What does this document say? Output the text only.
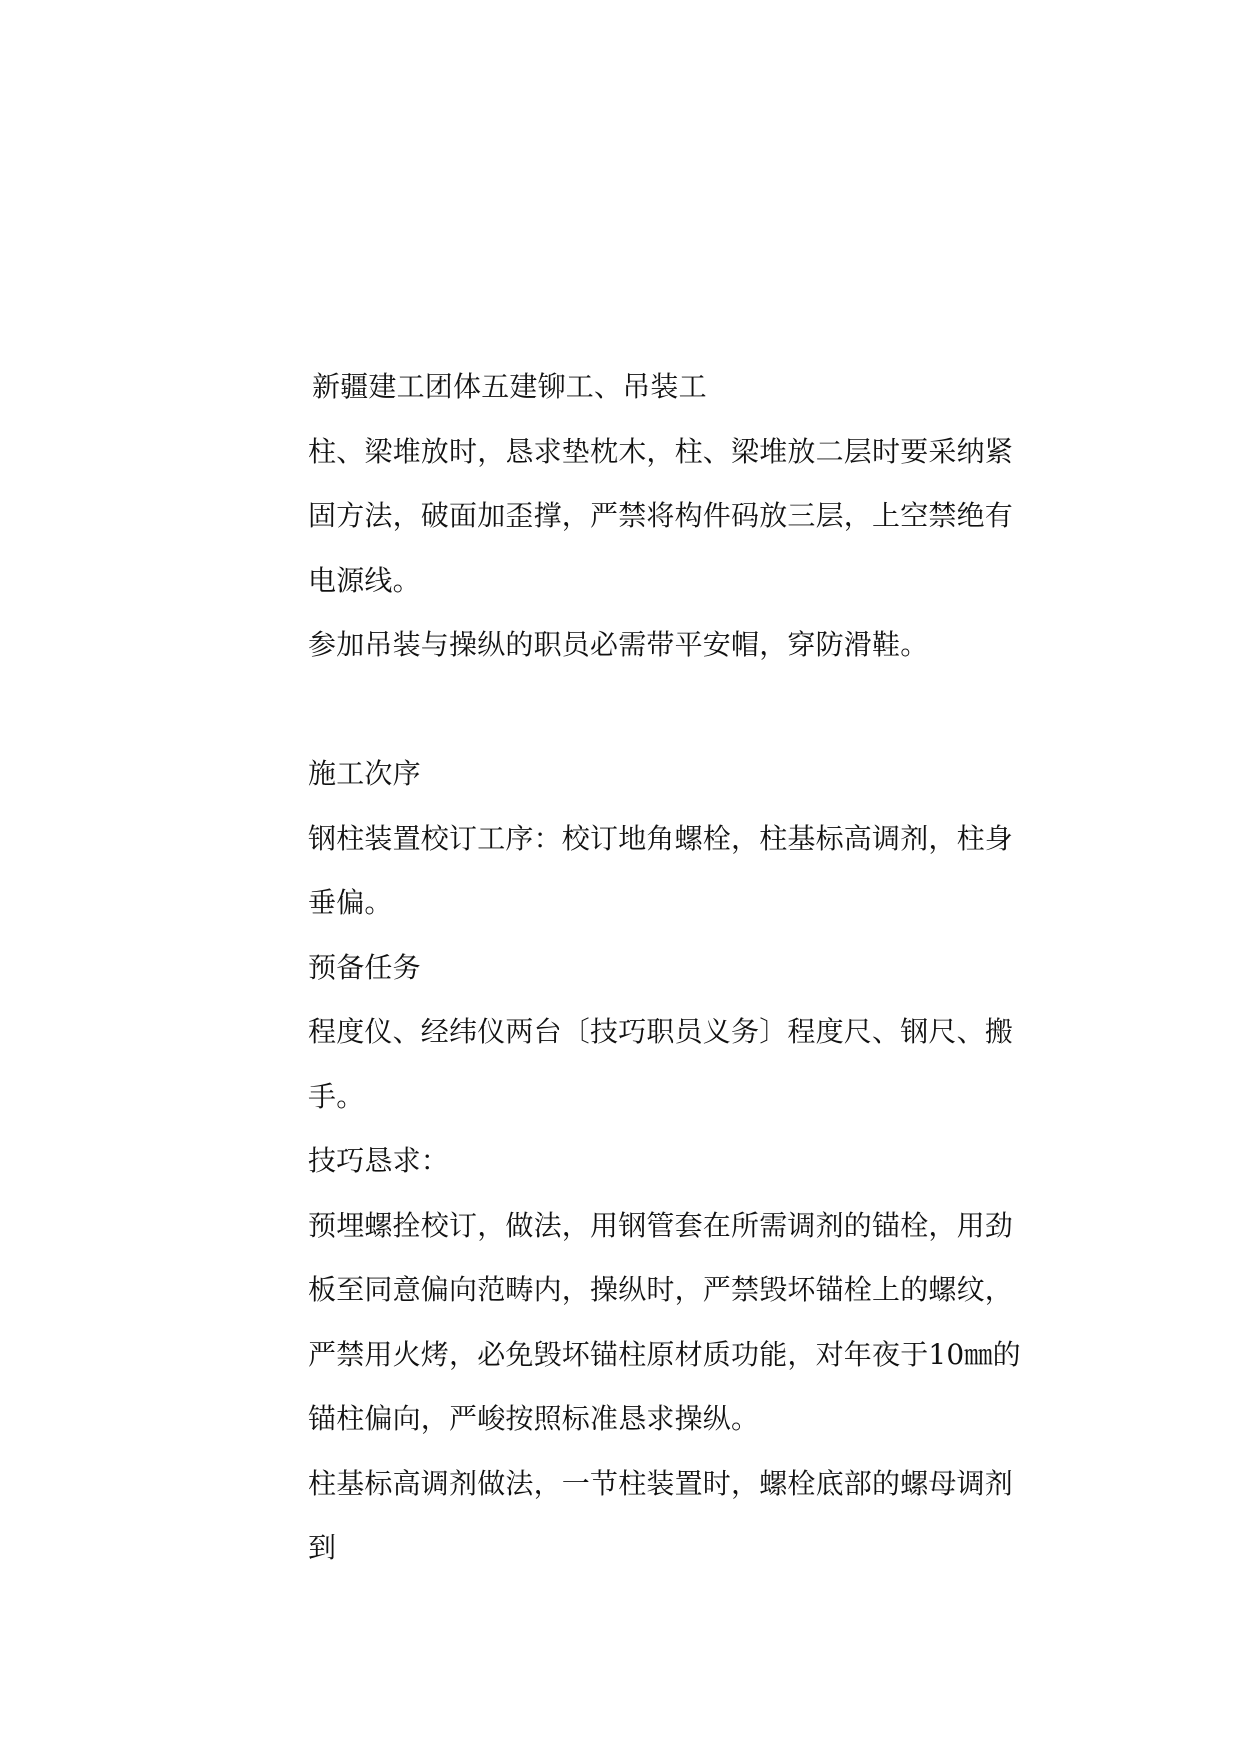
新疆建工团体五建铆工、吊装工
柱、梁堆放时，恳求垫枕木，柱、梁堆放二层时要采纳紧
固方法，破面加歪撑，严禁将构件码放三层，上空禁绝有
电源线。
参加吊装与操纵的职员必需带平安帽，穿防滑鞋。
施工次序
钢柱装置校订工序：校订地角螺栓，柱基标高调剂，柱身
垂偏。
预备任务
程度仪、经纬仪两台〔技巧职员义务〕程度尺、钢尺、搬
手。
技巧恳求：
预埋螺拴校订，做法，用钢管套在所需调剂的锚栓，用劲
板至同意偏向范畴内，操纵时，严禁毁坏锚栓上的螺纹，
严禁用火烤，必免毁坏锚柱原材质功能，对年夜于10㎜的
锚柱偏向，严峻按照标准恳求操纵。
柱基标高调剂做法，一节柱装置时，螺栓底部的螺母调剂
到
